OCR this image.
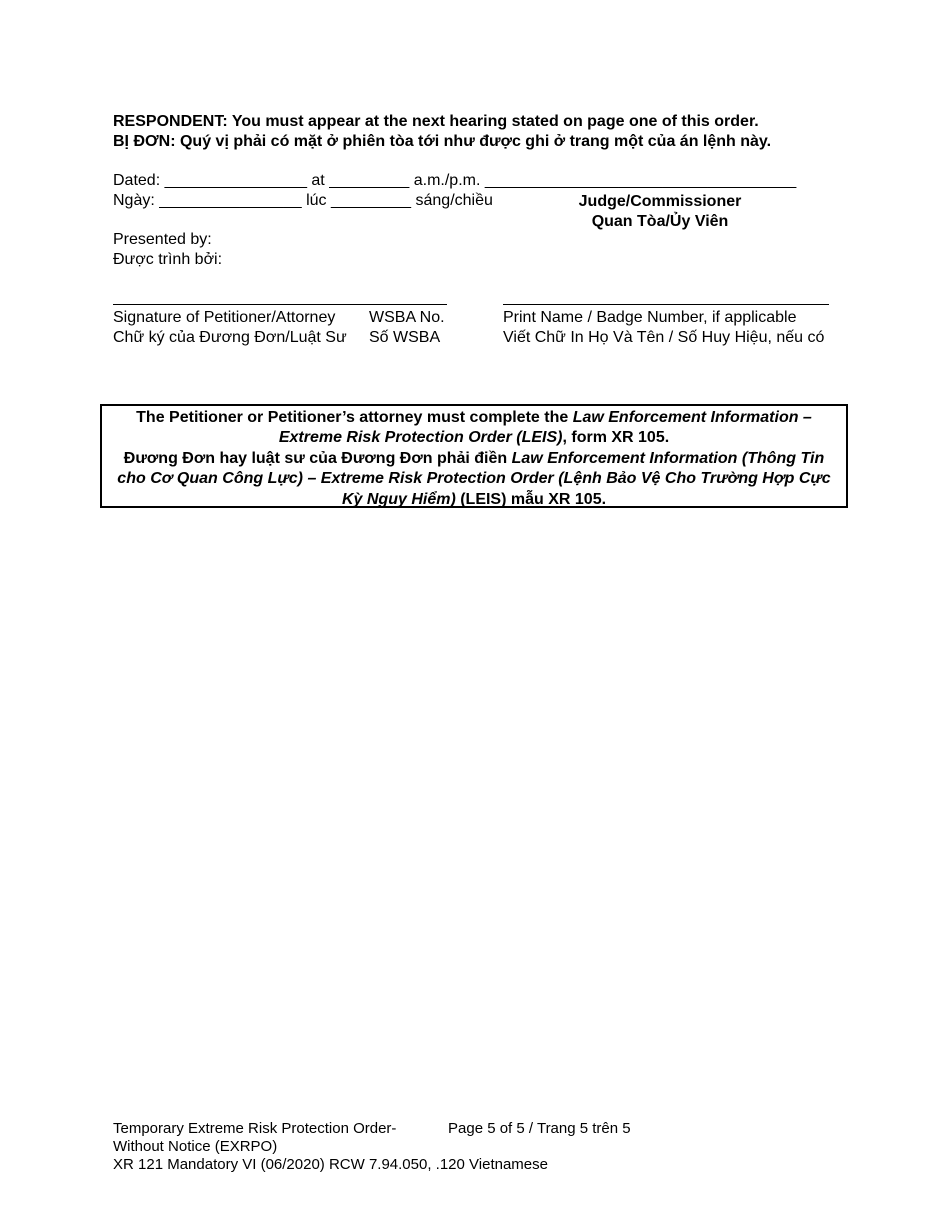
RESPONDENT: You must appear at the next hearing stated on page one of this order.
BỊ ĐƠN: Quý vị phải có mặt ở phiên tòa tới như được ghi ở trang một của án lệnh này.
Dated: ________________ at _________ a.m./p.m. ___________________________________
Ngày: ________________ lúc _________ sáng/chiều	Judge/Commissioner
Quan Tòa/Ủy Viên
Presented by:
Được trình bởi:
Signature of Petitioner/Attorney WSBA No.
Chữ ký của Đương Đơn/Luật Sư Số WSBA
Print Name / Badge Number, if applicable
Viết Chữ In Họ Và Tên / Số Huy Hiệu, nếu có
The Petitioner or Petitioner’s attorney must complete the Law Enforcement Information – Extreme Risk Protection Order (LEIS), form XR 105.
Đương Đơn hay luật sư của Đương Đơn phải điền Law Enforcement Information (Thông Tin cho Cơ Quan Công Lực) – Extreme Risk Protection Order (Lệnh Bảo Vệ Cho Trường Hợp Cực Kỳ Nguy Hiểm) (LEIS) mẫu XR 105.
Temporary Extreme Risk Protection Order-	Page 5 of 5 / Trang 5 trên 5
Without Notice (EXRPO)
XR 121 Mandatory VI (06/2020) RCW 7.94.050, .120 Vietnamese
